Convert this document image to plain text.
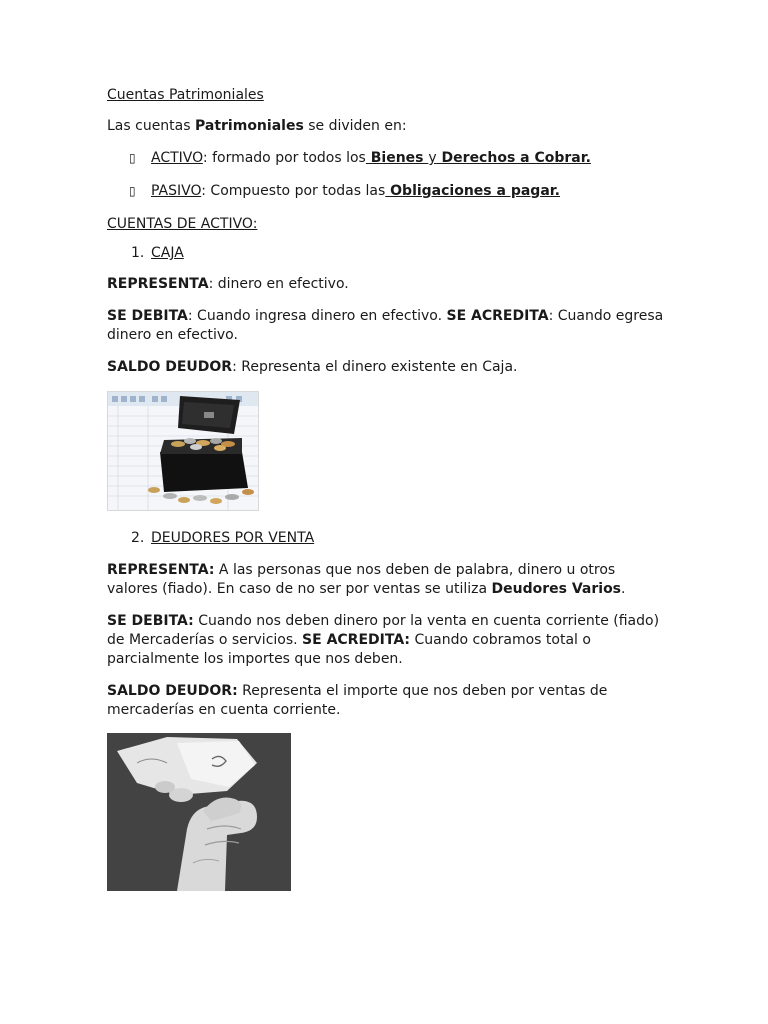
Cuentas Patrimoniales

Las cuentas Patrimoniales se dividen en:

▯ ACTIVO: formado por todos los Bienes y Derechos a Cobrar.
▯ PASIVO: Compuesto por todas las Obligaciones a pagar.

CUENTAS DE ACTIVO:

1. CAJA

REPRESENTA: dinero en efectivo.

SE DEBITA: Cuando ingresa dinero en efectivo. SE ACREDITA: Cuando egresa dinero en efectivo.

SALDO DEUDOR: Representa el dinero existente en Caja.

2. DEUDORES POR VENTA

REPRESENTA: A las personas que nos deben de palabra, dinero u otros valores (fiado). En caso de no ser por ventas se utiliza Deudores Varios.

SE DEBITA: Cuando nos deben dinero por la venta en cuenta corriente (fiado) de Mercaderías o servicios. SE ACREDITA: Cuando cobramos total o parcialmente los importes que nos deben.

SALDO DEUDOR: Representa el importe que nos deben por ventas de mercaderías en cuenta corriente.
